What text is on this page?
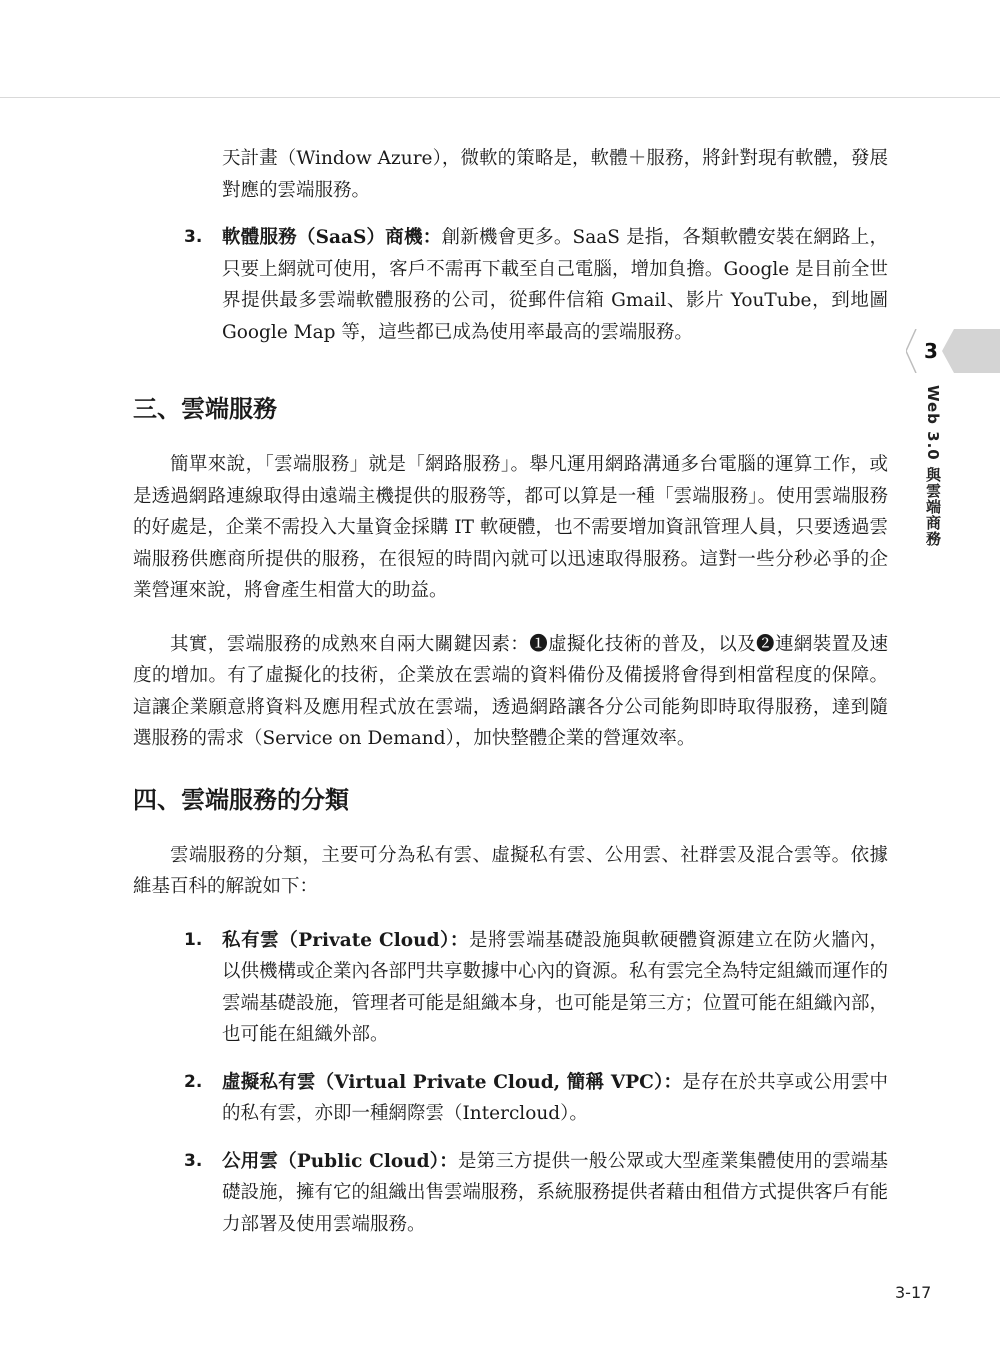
天計畫（Window Azure），微軟的策略是，軟體＋服務，將針對現有軟體，發展對應的雲端服務。

3. 軟體服務（SaaS）商機：創新機會更多。SaaS 是指，各類軟體安裝在網路上，只要上網就可使用，客戶不需再下載至自己電腦，增加負擔。Google 是目前全世界提供最多雲端軟體服務的公司，從郵件信箱 Gmail、影片 YouTube，到地圖 Google Map 等，這些都已成為使用率最高的雲端服務。

三、雲端服務

簡單來說，「雲端服務」就是「網路服務」。舉凡運用網路溝通多台電腦的運算工作，或是透過網路連線取得由遠端主機提供的服務等，都可以算是一種「雲端服務」。使用雲端服務的好處是，企業不需投入大量資金採購 IT 軟硬體，也不需要增加資訊管理人員，只要透過雲端服務供應商所提供的服務，在很短的時間內就可以迅速取得服務。這對一些分秒必爭的企業營運來說，將會產生相當大的助益。

其實，雲端服務的成熟來自兩大關鍵因素：❶虛擬化技術的普及，以及❷連網裝置及速度的增加。有了虛擬化的技術，企業放在雲端的資料備份及備援將會得到相當程度的保障。這讓企業願意將資料及應用程式放在雲端，透過網路讓各分公司能夠即時取得服務，達到隨選服務的需求（Service on Demand），加快整體企業的營運效率。

四、雲端服務的分類

雲端服務的分類，主要可分為私有雲、虛擬私有雲、公用雲、社群雲及混合雲等。依據維基百科的解說如下：

1. 私有雲（Private Cloud）：是將雲端基礎設施與軟硬體資源建立在防火牆內，以供機構或企業內各部門共享數據中心內的資源。私有雲完全為特定組織而運作的雲端基礎設施，管理者可能是組織本身，也可能是第三方；位置可能在組織內部，也可能在組織外部。

2. 虛擬私有雲（Virtual Private Cloud, 簡稱 VPC）：是存在於共享或公用雲中的私有雲，亦即一種網際雲（Intercloud）。

3. 公用雲（Public Cloud）：是第三方提供一般公眾或大型產業集體使用的雲端基礎設施，擁有它的組織出售雲端服務，系統服務提供者藉由租借方式提供客戶有能力部署及使用雲端服務。

3
Web 3.0 與雲端商務
3-17
